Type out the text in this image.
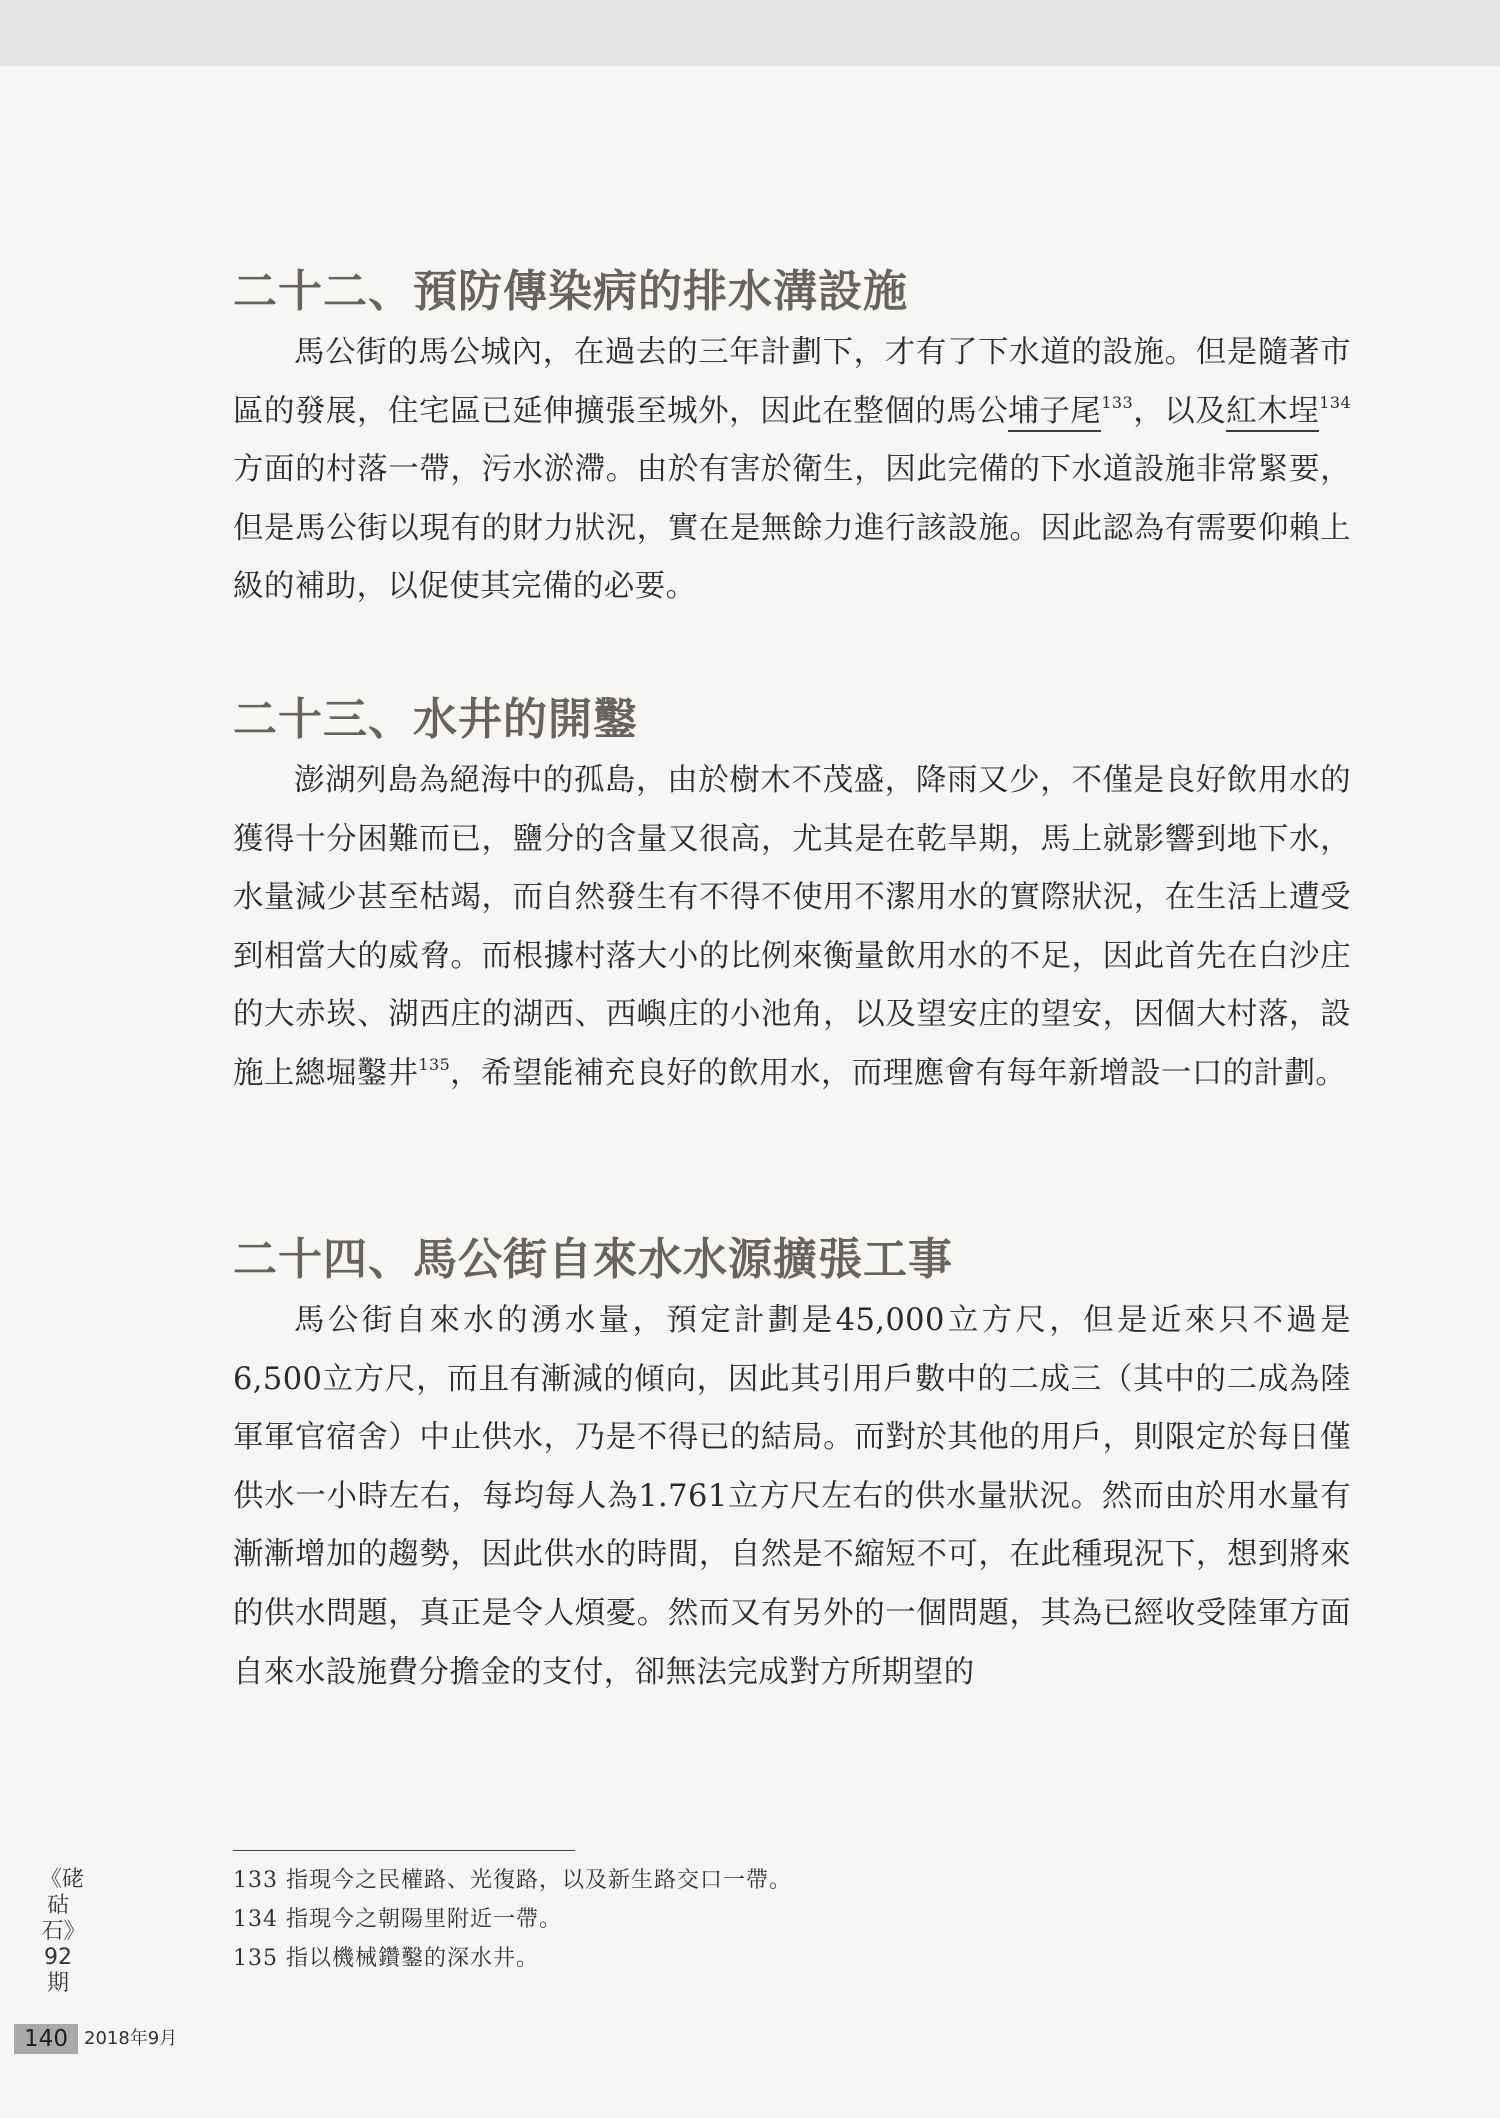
二十二、預防傳染病的排水溝設施

馬公街的馬公城內，在過去的三年計劃下，才有了下水道的設施。但是隨著市區的發展，住宅區已延伸擴張至城外，因此在整個的馬公埔子尾$^{133}$，以及紅木埕$^{134}$方面的村落一帶，污水淤滯。由於有害於衛生，因此完備的下水道設施非常緊要，但是馬公街以現有的財力狀況，實在是無餘力進行該設施。因此認為有需要仰賴上級的補助，以促使其完備的必要。

二十三、水井的開鑿

澎湖列島為絕海中的孤島，由於樹木不茂盛，降雨又少，不僅是良好飲用水的獲得十分困難而已，鹽分的含量又很高，尤其是在乾旱期，馬上就影響到地下水，水量減少甚至枯竭，而自然發生有不得不使用不潔用水的實際狀況，在生活上遭受到相當大的威脅。而根據村落大小的比例來衡量飲用水的不足，因此首先在白沙庄的大赤崁、湖西庄的湖西、西嶼庄的小池角，以及望安庄的望安，因個大村落，設施上總堀鑿井$^{135}$，希望能補充良好的飲用水，而理應會有每年新增設一口的計劃。

二十四、馬公街自來水水源擴張工事

馬公街自來水的湧水量，預定計劃是45,000立方尺，但是近來只不過是6,500立方尺，而且有漸減的傾向，因此其引用戶數中的二成三（其中的二成為陸軍軍官宿舍）中止供水，乃是不得已的結局。而對於其他的用戶，則限定於每日僅供水一小時左右，每均每人為1.761立方尺左右的供水量狀況。然而由於用水量有漸漸增加的趨勢，因此供水的時間，自然是不縮短不可，在此種現況下，想到將來的供水問題，真正是令人煩憂。然而又有另外的一個問題，其為已經收受陸軍方面自來水設施費分擔金的支付，卻無法完成對方所期望的

133 指現今之民權路、光復路，以及新生路交口一帶。
134 指現今之朝陽里附近一帶。
135 指以機械鑽鑿的深水井。
《硓𥑮石》92期
140 2018年9月
